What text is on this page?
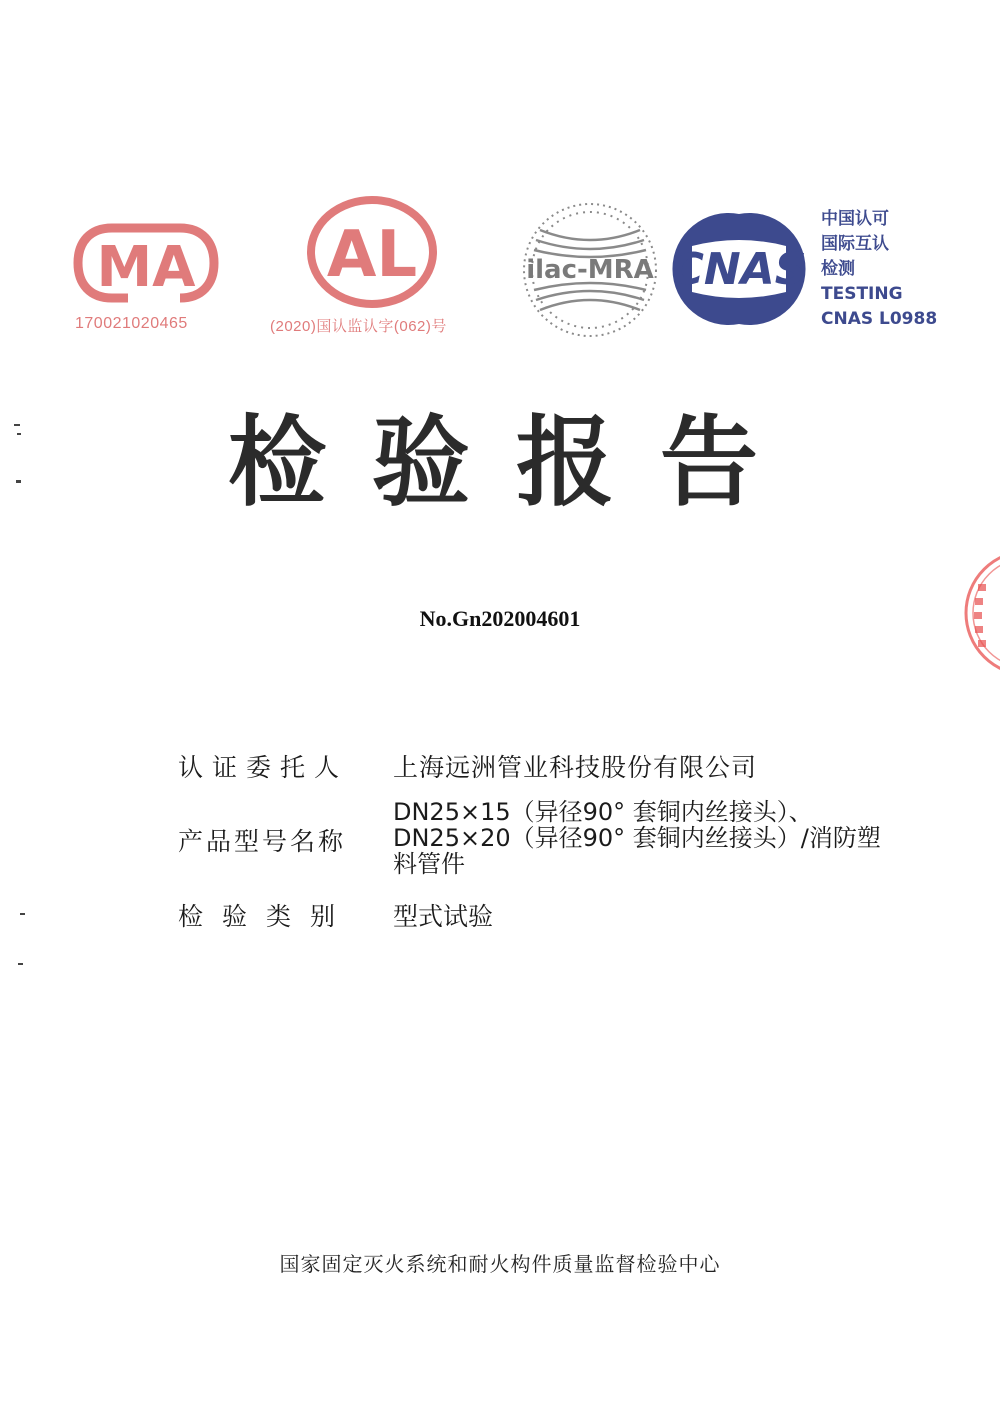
MA
170021020465
AL
(2020)国认监认字(062)号
ilac-MRA CNAS
中国认可
国际互认
检测
TESTING
CNAS L0988
检验报告
No.Gn202004601
认证委托人 上海远洲管业科技股份有限公司
产品型号名称
DN25×15（异径90° 套铜内丝接头）、
DN25×20（异径90° 套铜内丝接头）/消防塑
料管件
检验类别 型式试验
国家固定灭火系统和耐火构件质量监督检验中心
